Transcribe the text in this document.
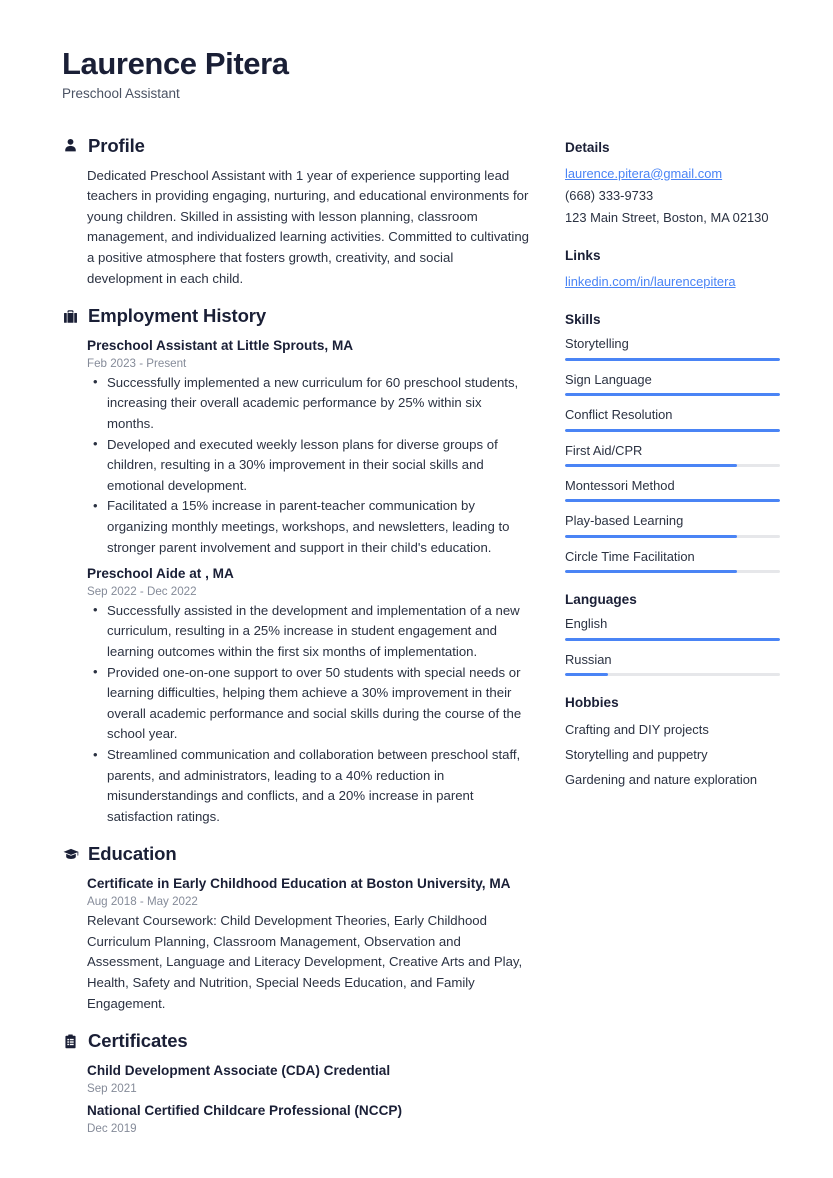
Laurence Pitera
Preschool Assistant
Profile
Dedicated Preschool Assistant with 1 year of experience supporting lead teachers in providing engaging, nurturing, and educational environments for young children. Skilled in assisting with lesson planning, classroom management, and individualized learning activities. Committed to cultivating a positive atmosphere that fosters growth, creativity, and social development in each child.
Employment History
Preschool Assistant at Little Sprouts, MA
Feb 2023 - Present
• Successfully implemented a new curriculum for 60 preschool students, increasing their overall academic performance by 25% within six months.
• Developed and executed weekly lesson plans for diverse groups of children, resulting in a 30% improvement in their social skills and emotional development.
• Facilitated a 15% increase in parent-teacher communication by organizing monthly meetings, workshops, and newsletters, leading to stronger parent involvement and support in their child's education.
Preschool Aide at , MA
Sep 2022 - Dec 2022
• Successfully assisted in the development and implementation of a new curriculum, resulting in a 25% increase in student engagement and learning outcomes within the first six months of implementation.
• Provided one-on-one support to over 50 students with special needs or learning difficulties, helping them achieve a 30% improvement in their overall academic performance and social skills during the course of the school year.
• Streamlined communication and collaboration between preschool staff, parents, and administrators, leading to a 40% reduction in misunderstandings and conflicts, and a 20% increase in parent satisfaction ratings.
Education
Certificate in Early Childhood Education at Boston University, MA
Aug 2018 - May 2022
Relevant Coursework: Child Development Theories, Early Childhood Curriculum Planning, Classroom Management, Observation and Assessment, Language and Literacy Development, Creative Arts and Play, Health, Safety and Nutrition, Special Needs Education, and Family Engagement.
Certificates
Child Development Associate (CDA) Credential
Sep 2021
National Certified Childcare Professional (NCCP)
Dec 2019
Details
laurence.pitera@gmail.com
(668) 333-9733
123 Main Street, Boston, MA 02130
Links
linkedin.com/in/laurencepitera
Skills
Storytelling
Sign Language
Conflict Resolution
First Aid/CPR
Montessori Method
Play-based Learning
Circle Time Facilitation
Languages
English
Russian
Hobbies
Crafting and DIY projects
Storytelling and puppetry
Gardening and nature exploration
